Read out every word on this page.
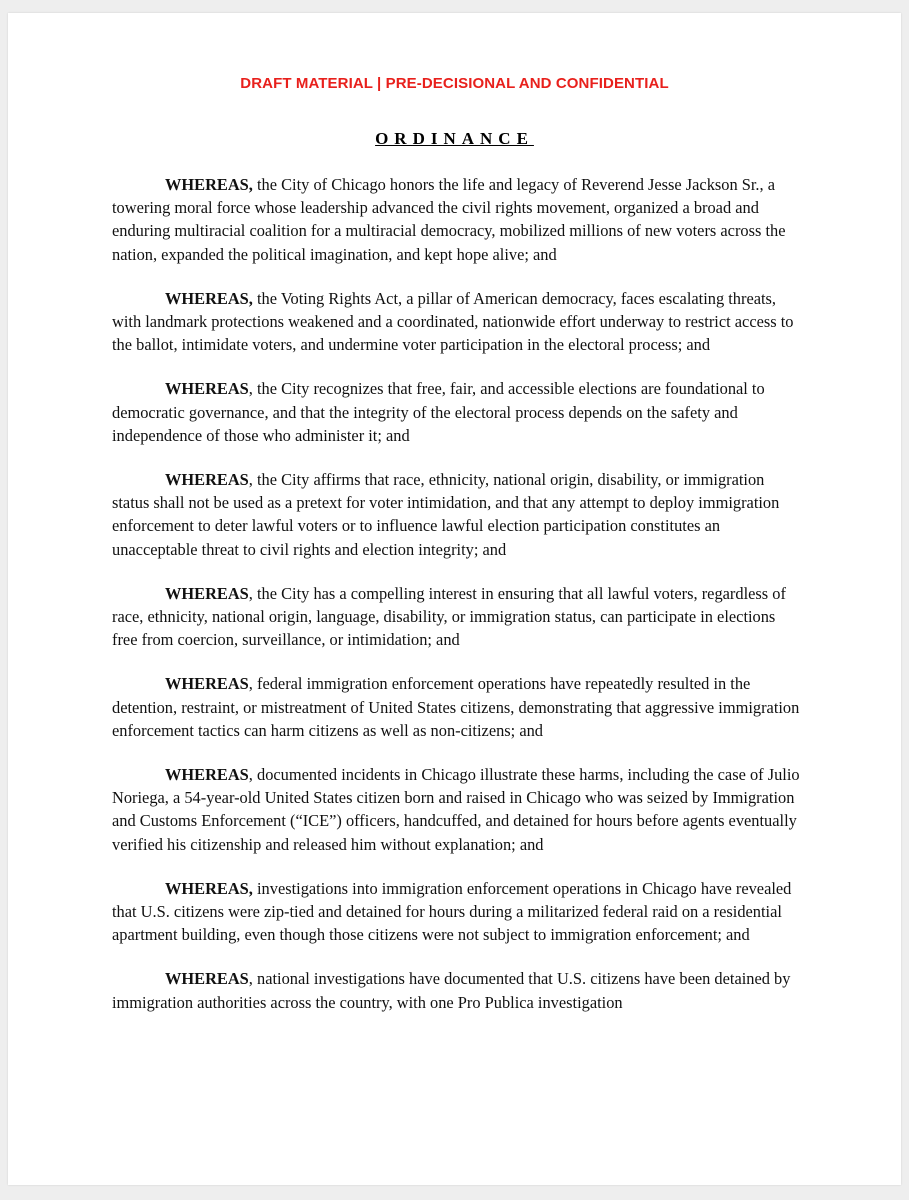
DRAFT MATERIAL | PRE-DECISIONAL AND CONFIDENTIAL

ORDINANCE

WHEREAS, the City of Chicago honors the life and legacy of Reverend Jesse Jackson Sr., a towering moral force whose leadership advanced the civil rights movement, organized a broad and enduring multiracial coalition for a multiracial democracy, mobilized millions of new voters across the nation, expanded the political imagination, and kept hope alive; and

WHEREAS, the Voting Rights Act, a pillar of American democracy, faces escalating threats, with landmark protections weakened and a coordinated, nationwide effort underway to restrict access to the ballot, intimidate voters, and undermine voter participation in the electoral process; and

WHEREAS, the City recognizes that free, fair, and accessible elections are foundational to democratic governance, and that the integrity of the electoral process depends on the safety and independence of those who administer it; and

WHEREAS, the City affirms that race, ethnicity, national origin, disability, or immigration status shall not be used as a pretext for voter intimidation, and that any attempt to deploy immigration enforcement to deter lawful voters or to influence lawful election participation constitutes an unacceptable threat to civil rights and election integrity; and

WHEREAS, the City has a compelling interest in ensuring that all lawful voters, regardless of race, ethnicity, national origin, language, disability, or immigration status, can participate in elections free from coercion, surveillance, or intimidation; and

WHEREAS, federal immigration enforcement operations have repeatedly resulted in the detention, restraint, or mistreatment of United States citizens, demonstrating that aggressive immigration enforcement tactics can harm citizens as well as non-citizens; and

WHEREAS, documented incidents in Chicago illustrate these harms, including the case of Julio Noriega, a 54-year-old United States citizen born and raised in Chicago who was seized by Immigration and Customs Enforcement (“ICE”) officers, handcuffed, and detained for hours before agents eventually verified his citizenship and released him without explanation; and

WHEREAS, investigations into immigration enforcement operations in Chicago have revealed that U.S. citizens were zip-tied and detained for hours during a militarized federal raid on a residential apartment building, even though those citizens were not subject to immigration enforcement; and

WHEREAS, national investigations have documented that U.S. citizens have been detained by immigration authorities across the country, with one Pro Publica investigation
